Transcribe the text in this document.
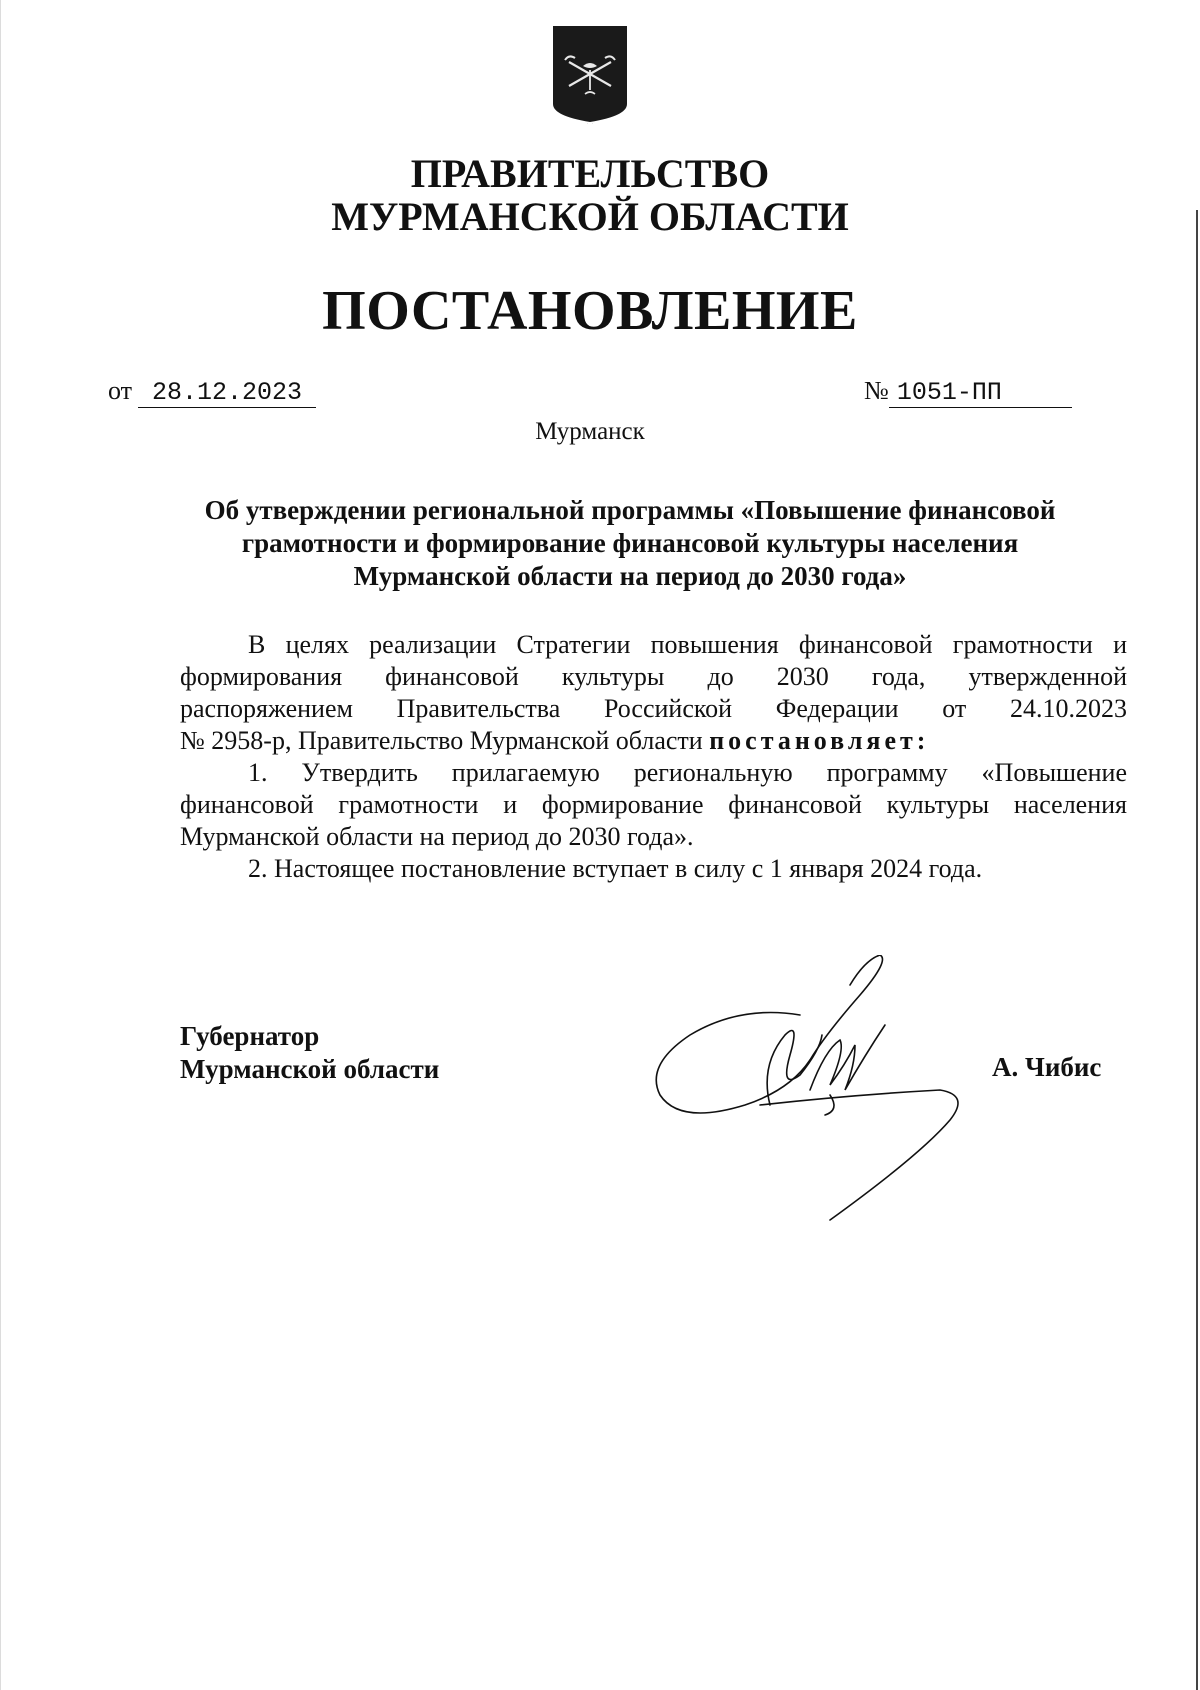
ПРАВИТЕЛЬСТВО
МУРМАНСКОЙ ОБЛАСТИ
ПОСТАНОВЛЕНИЕ
от 28.12.2023	№ 1051-ПП
Мурманск
Об утверждении региональной программы «Повышение финансовой
грамотности и формирование финансовой культуры населения
Мурманской области на период до 2030 года»

В целях реализации Стратегии повышения финансовой грамотности и

формирования финансовой культуры до 2030 года, утвержденной

распоряжением Правительства Российской Федерации от 24.10.2023

№ 2958-р, Правительство Мурманской области постановляет:

1. Утвердить прилагаемую региональную программу «Повышение

финансовой грамотности и формирование финансовой культуры населения

Мурманской области на период до 2030 года».

2. Настоящее постановление вступает в силу с 1 января 2024 года.

Губернатор
Мурманской области	А. Чибис
